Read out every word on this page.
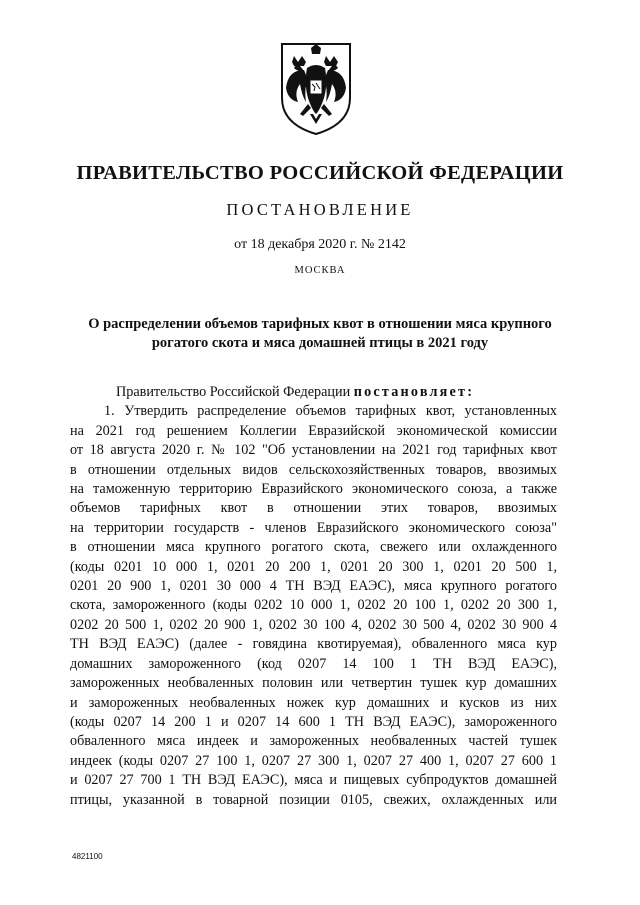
ПРАВИТЕЛЬСТВО РОССИЙСКОЙ ФЕДЕРАЦИИ
ПОСТАНОВЛЕНИЕ
от 18 декабря 2020 г. № 2142
МОСКВА
О распределении объемов тарифных квот в отношении мяса крупного
рогатого скота и мяса домашней птицы в 2021 году
Правительство Российской Федерации постановляет:
1. Утвердить распределение объемов тарифных квот, установленных
на 2021 год решением Коллегии Евразийской экономической комиссии
от 18 августа 2020 г. № 102 "Об установлении на 2021 год тарифных квот
в отношении отдельных видов сельскохозяйственных товаров, ввозимых
на таможенную территорию Евразийского экономического союза, а также
объемов тарифных квот в отношении этих товаров, ввозимых
на территории государств - членов Евразийского экономического союза"
в отношении мяса крупного рогатого скота, свежего или охлажденного
(коды 0201 10 000 1, 0201 20 200 1, 0201 20 300 1, 0201 20 500 1,
0201 20 900 1, 0201 30 000 4 ТН ВЭД ЕАЭС), мяса крупного рогатого
скота, замороженного (коды 0202 10 000 1, 0202 20 100 1, 0202 20 300 1,
0202 20 500 1, 0202 20 900 1, 0202 30 100 4, 0202 30 500 4, 0202 30 900 4
ТН ВЭД ЕАЭС) (далее - говядина квотируемая), обваленного мяса кур
домашних замороженного (код 0207 14 100 1 ТН ВЭД ЕАЭС),
замороженных необваленных половин или четвертин тушек кур домашних
и замороженных необваленных ножек кур домашних и кусков из них
(коды 0207 14 200 1 и 0207 14 600 1 ТН ВЭД ЕАЭС), замороженного
обваленного мяса индеек и замороженных необваленных частей тушек
индеек (коды 0207 27 100 1, 0207 27 300 1, 0207 27 400 1, 0207 27 600 1
и 0207 27 700 1 ТН ВЭД ЕАЭС), мяса и пищевых субпродуктов домашней
птицы, указанной в товарной позиции 0105, свежих, охлажденных или
4821100
